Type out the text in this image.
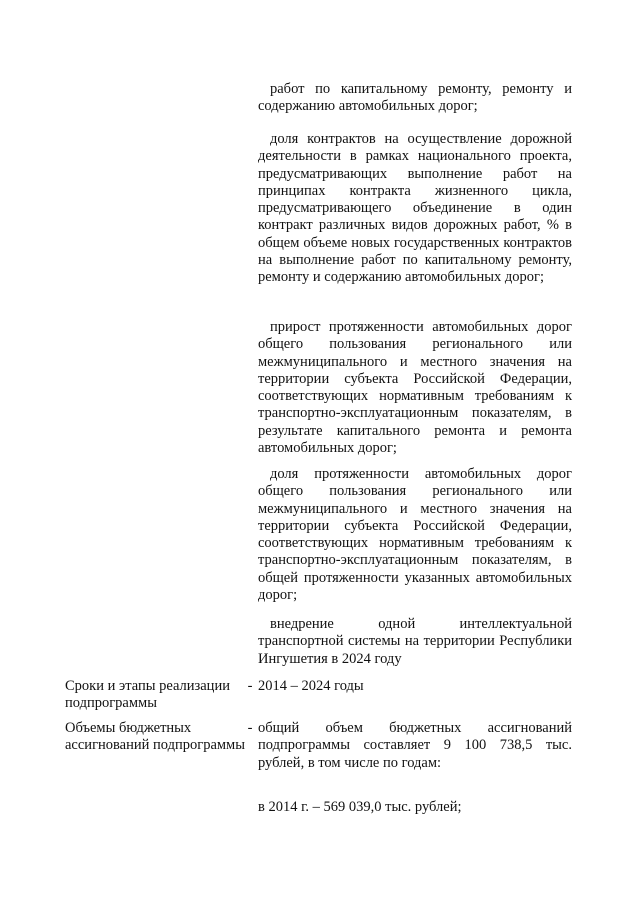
работ по капитальному ремонту, ремонту и содержанию автомобильных дорог;
доля контрактов на осуществление дорожной деятельности в рамках национального проекта, предусматривающих выполнение работ на принципах контракта жизненного цикла, предусматривающего объединение в один контракт различных видов дорожных работ, % в общем объеме новых государственных контрактов на выполнение работ по капитальному ремонту, ремонту и содержанию автомобильных дорог;
прирост протяженности автомобильных дорог общего пользования регионального или межмуниципального и местного значения на территории субъекта Российской Федерации, соответствующих нормативным требованиям к транспортно-эксплуатационным показателям, в результате капитального ремонта и ремонта автомобильных дорог;
доля протяженности автомобильных дорог общего пользования регионального или межмуниципального и местного значения на территории субъекта Российской Федерации, соответствующих нормативным требованиям к транспортно-эксплуатационным показателям, в общей протяженности указанных автомобильных дорог;
внедрение одной интеллектуальной транспортной системы на территории Республики Ингушетия в 2024 году
Сроки и этапы реализации подпрограммы
- 2014 – 2024 годы
Объемы бюджетных ассигнований подпрограммы
- общий объем бюджетных ассигнований подпрограммы составляет 9 100 738,5 тыс. рублей, в том числе по годам:
в 2014 г. – 569 039,0 тыс. рублей;
